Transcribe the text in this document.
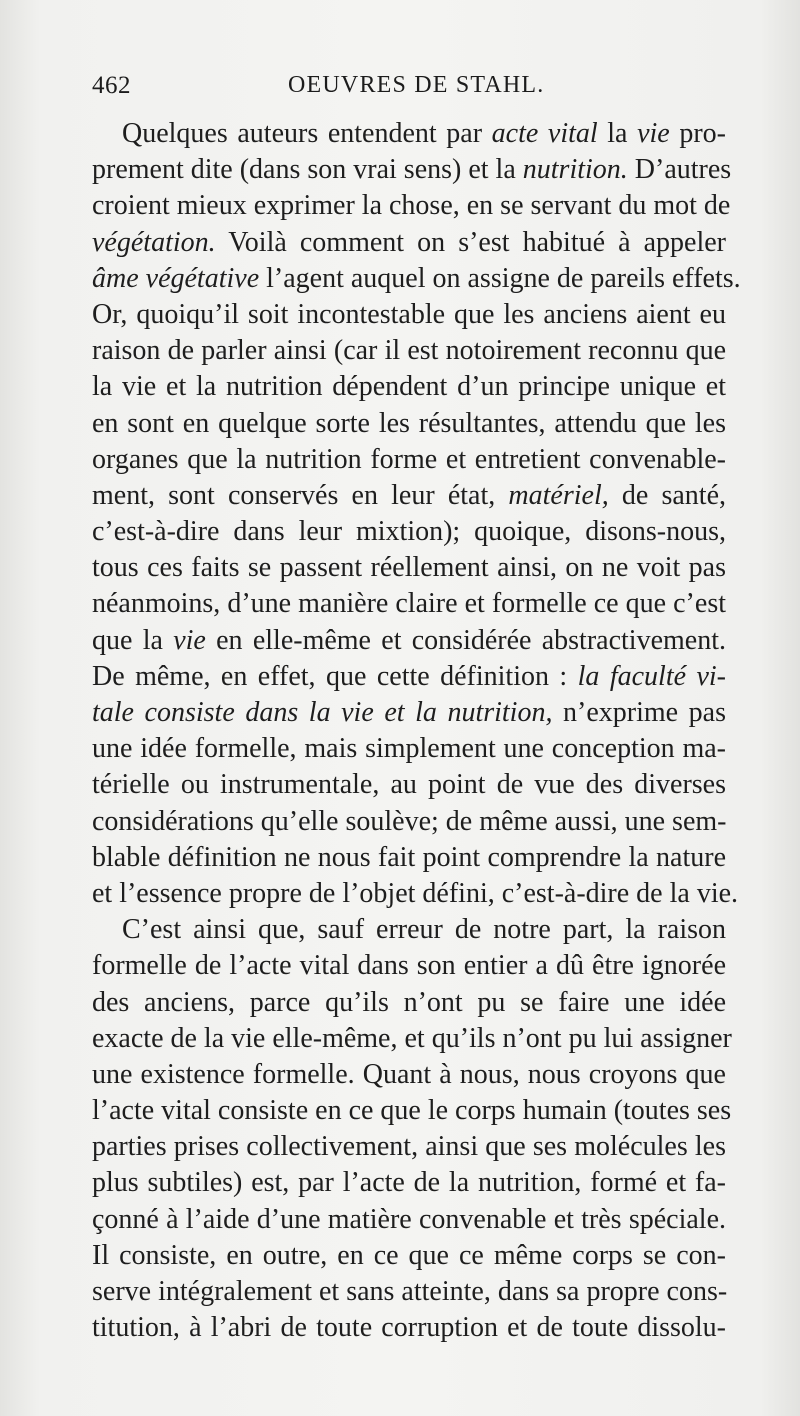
462	OEUVRES DE STAHL.
Quelques auteurs entendent par acte vital la vie pro-
prement dite (dans son vrai sens) et la nutrition. D’autres
croient mieux exprimer la chose, en se servant du mot de
végétation. Voilà comment on s’est habitué à appeler
âme végétative l’agent auquel on assigne de pareils effets.
Or, quoiqu’il soit incontestable que les anciens aient eu
raison de parler ainsi (car il est notoirement reconnu que
la vie et la nutrition dépendent d’un principe unique et
en sont en quelque sorte les résultantes, attendu que les
organes que la nutrition forme et entretient convenable-
ment, sont conservés en leur état, matériel, de santé,
c’est-à-dire dans leur mixtion); quoique, disons-nous,
tous ces faits se passent réellement ainsi, on ne voit pas
néanmoins, d’une manière claire et formelle ce que c’est
que la vie en elle-même et considérée abstractivement.
De même, en effet, que cette définition : la faculté vi-
tale consiste dans la vie et la nutrition, n’exprime pas
une idée formelle, mais simplement une conception ma-
térielle ou instrumentale, au point de vue des diverses
considérations qu’elle soulève; de même aussi, une sem-
blable définition ne nous fait point comprendre la nature
et l’essence propre de l’objet défini, c’est-à-dire de la vie.
C’est ainsi que, sauf erreur de notre part, la raison
formelle de l’acte vital dans son entier a dû être ignorée
des anciens, parce qu’ils n’ont pu se faire une idée
exacte de la vie elle-même, et qu’ils n’ont pu lui assigner
une existence formelle. Quant à nous, nous croyons que
l’acte vital consiste en ce que le corps humain (toutes ses
parties prises collectivement, ainsi que ses molécules les
plus subtiles) est, par l’acte de la nutrition, formé et fa-
çonné à l’aide d’une matière convenable et très spéciale.
Il consiste, en outre, en ce que ce même corps se con-
serve intégralement et sans atteinte, dans sa propre cons-
titution, à l’abri de toute corruption et de toute dissolu-
